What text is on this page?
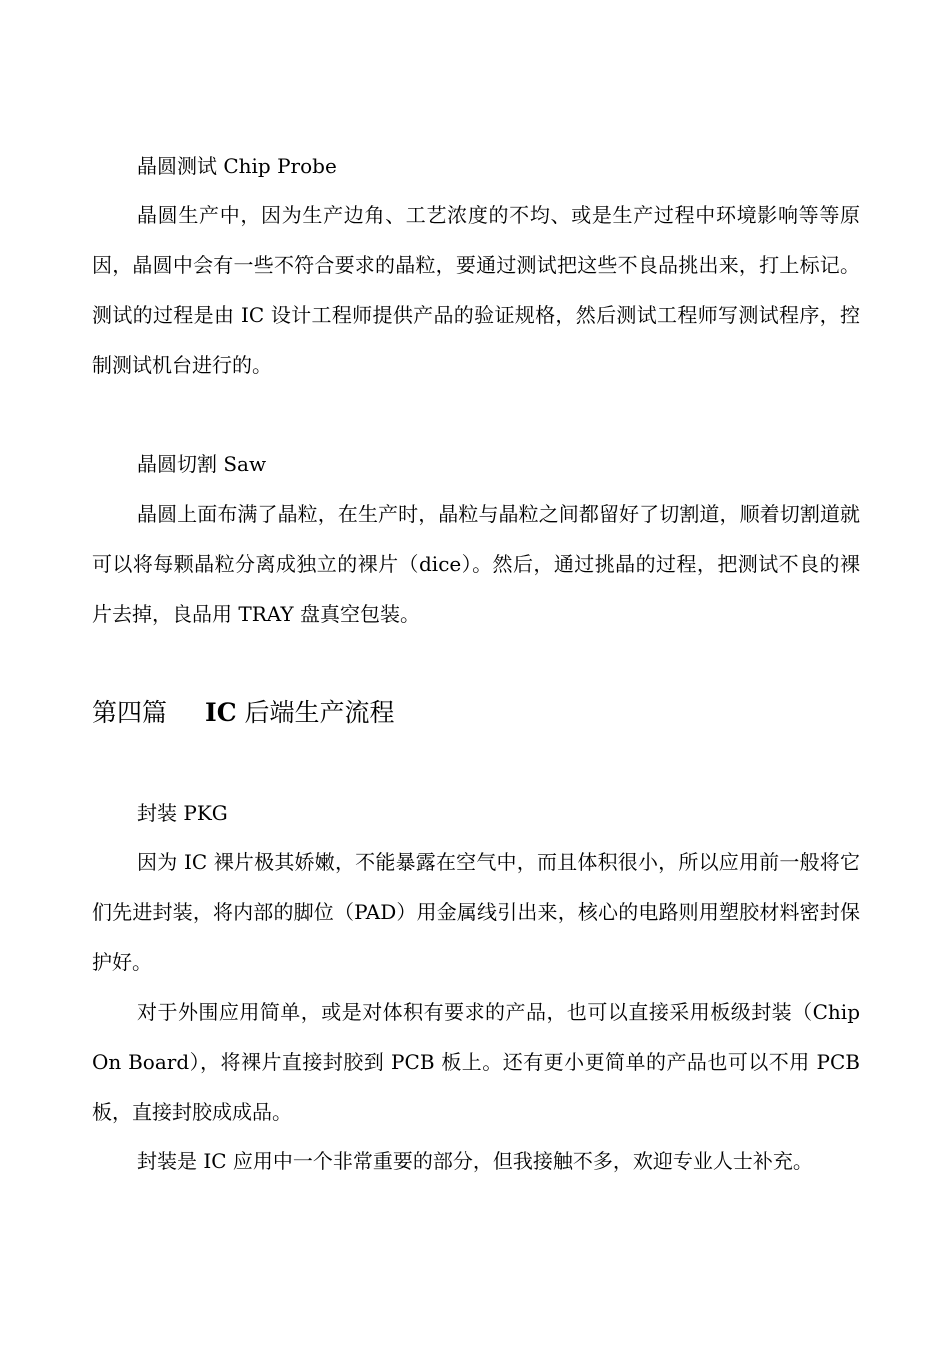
晶圆测试 Chip Probe

晶圆生产中，因为生产边角、工艺浓度的不均、或是生产过程中环境影响等等原因，晶圆中会有一些不符合要求的晶粒，要通过测试把这些不良品挑出来，打上标记。测试的过程是由 IC 设计工程师提供产品的验证规格，然后测试工程师写测试程序，控制测试机台进行的。

晶圆切割 Saw

晶圆上面布满了晶粒，在生产时，晶粒与晶粒之间都留好了切割道，顺着切割道就可以将每颗晶粒分离成独立的裸片（dice）。然后，通过挑晶的过程，把测试不良的裸片去掉，良品用 TRAY 盘真空包装。

第四篇 IC 后端生产流程

封装 PKG

因为 IC 裸片极其娇嫩，不能暴露在空气中，而且体积很小，所以应用前一般将它们先进封装，将内部的脚位（PAD）用金属线引出来，核心的电路则用塑胶材料密封保护好。

对于外围应用简单，或是对体积有要求的产品，也可以直接采用板级封装（Chip On Board），将裸片直接封胶到 PCB 板上。还有更小更简单的产品也可以不用 PCB 板，直接封胶成成品。

封装是 IC 应用中一个非常重要的部分，但我接触不多，欢迎专业人士补充。
